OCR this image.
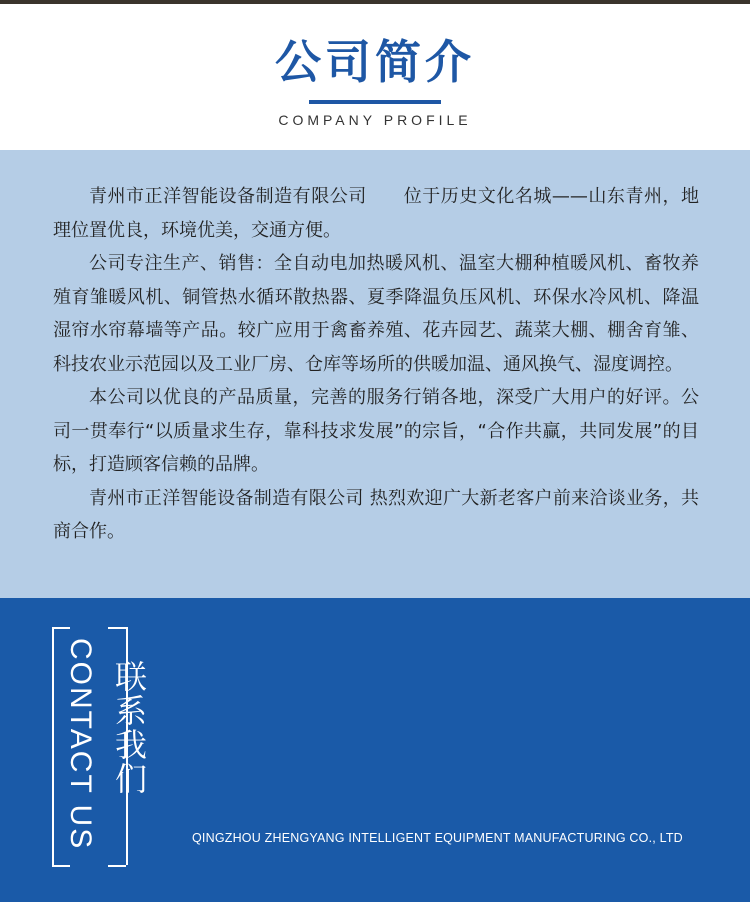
公司简介
COMPANY PROFILE

青州市正洋智能设备制造有限公司　　位于历史文化名城——山东青州，地理位置优良，环境优美，交通方便。

公司专注生产、销售：全自动电加热暖风机、温室大棚种植暖风机、畜牧养殖育雏暖风机、铜管热水循环散热器、夏季降温负压风机、环保水冷风机、降温湿帘水帘幕墙等产品。较广应用于禽畜养殖、花卉园艺、蔬菜大棚、棚舍育雏、科技农业示范园以及工业厂房、仓库等场所的供暖加温、通风换气、湿度调控。

本公司以优良的产品质量，完善的服务行销各地，深受广大用户的好评。公司一贯奉行“以质量求生存，靠科技求发展”的宗旨，“合作共赢，共同发展”的目标，打造顾客信赖的品牌。

青州市正洋智能设备制造有限公司 热烈欢迎广大新老客户前来洽谈业务，共商合作。

CONTACT US 联系我们
QINGZHOU ZHENGYANG INTELLIGENT EQUIPMENT MANUFACTURING CO., LTD
